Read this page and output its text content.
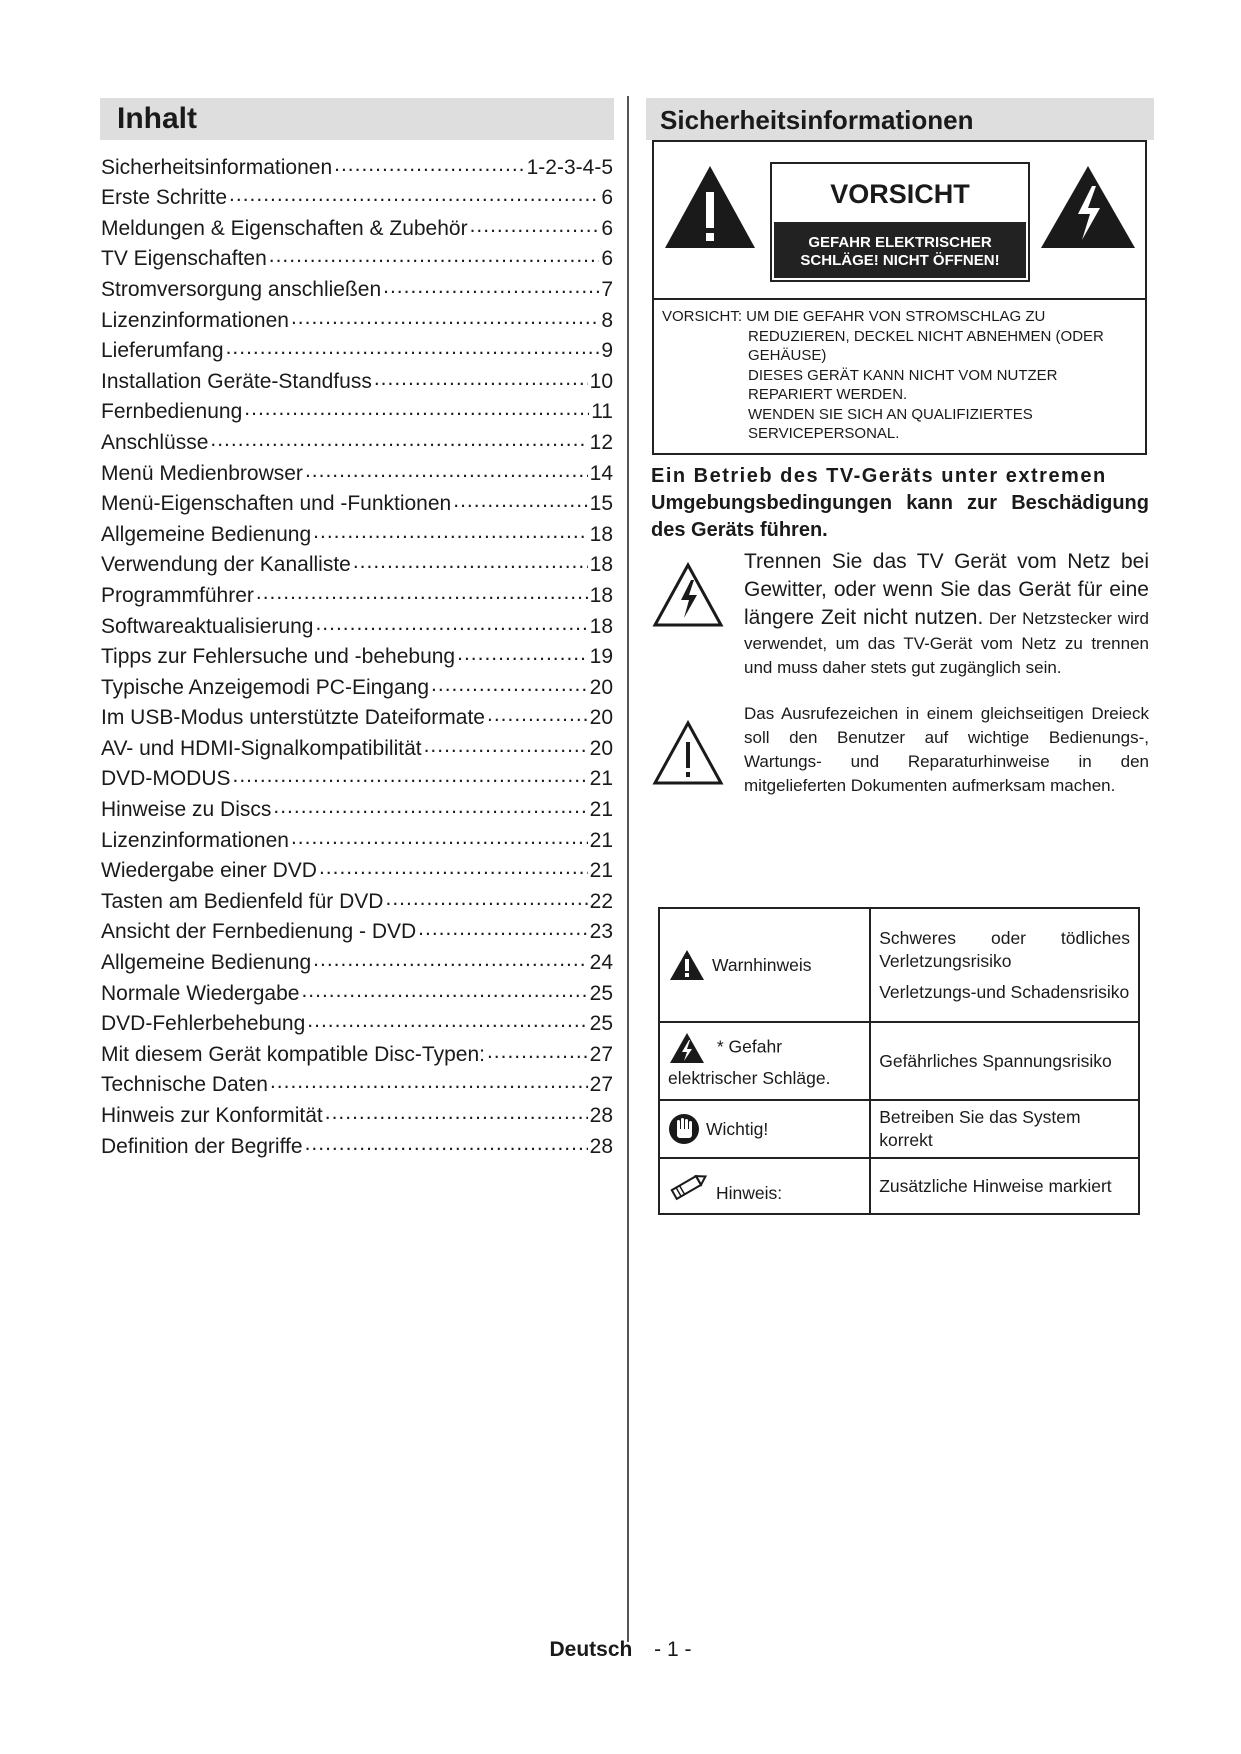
Inhalt
Sicherheitsinformationen .....	1-2-3-4-5
Erste Schritte .....	6
Meldungen & Eigenschaften & Zubehör .....	6
TV Eigenschaften .....	6
Stromversorgung anschließen .....	7
Lizenzinformationen .....	8
Lieferumfang .....	9
Installation Geräte-Standfuss .....	10
Fernbedienung .....	11
Anschlüsse .....	12
Menü Medienbrowser .....	14
Menü-Eigenschaften und -Funktionen .....	15
Allgemeine Bedienung .....	18
Verwendung der Kanalliste .....	18
Programmführer .....	18
Softwareaktualisierung .....	18
Tipps zur Fehlersuche und -behebung .....	19
Typische Anzeigemodi PC-Eingang .....	20
Im USB-Modus unterstützte Dateiformate .....	20
AV- und HDMI-Signalkompatibilität .....	20
DVD-MODUS .....	21
Hinweise zu Discs .....	21
Lizenzinformationen .....	21
Wiedergabe einer DVD .....	21
Tasten am Bedienfeld für DVD .....	22
Ansicht der Fernbedienung - DVD .....	23
Allgemeine Bedienung .....	24
Normale Wiedergabe .....	25
DVD-Fehlerbehebung .....	25
Mit diesem Gerät kompatible Disc-Typen: .....	27
Technische Daten .....	27
Hinweis zur Konformität .....	28
Definition der Begriffe .....	28
Sicherheitsinformationen
VORSICHT
GEFAHR ELEKTRISCHER
SCHLÄGE! NICHT ÖFFNEN!
VORSICHT: UM DIE GEFAHR VON STROMSCHLAG ZU
REDUZIEREN, DECKEL NICHT ABNEHMEN (ODER
GEHÄUSE)
DIESES GERÄT KANN NICHT VOM NUTZER
REPARIERT WERDEN.
WENDEN SIE SICH AN QUALIFIZIERTES
SERVICEPERSONAL.
Ein Betrieb des TV-Geräts unter extremen
Umgebungsbedingungen kann zur Beschädigung des Geräts führen.
Trennen Sie das TV Gerät vom Netz bei Gewitter, oder wenn Sie das Gerät für eine längere Zeit nicht nutzen. Der Netzstecker wird verwendet, um das TV-Gerät vom Netz zu trennen und muss daher stets gut zugänglich sein.
Das Ausrufezeichen in einem gleichseitigen Dreieck soll den Benutzer auf wichtige Bedienungs-, Wartungs- und Reparaturhinweise in den mitgelieferten Dokumenten aufmerksam machen.
Warnhinweis	Schweres oder tödliches Verletzungsrisiko
Verletzungs-und Schadensrisiko

* Gefahr elektrischer Schläge.	Gefährliches Spannungsrisiko

Wichtig!	Betreiben Sie das System korrekt

Hinweis:	Zusätzliche Hinweise markiert
Deutsch - 1 -
